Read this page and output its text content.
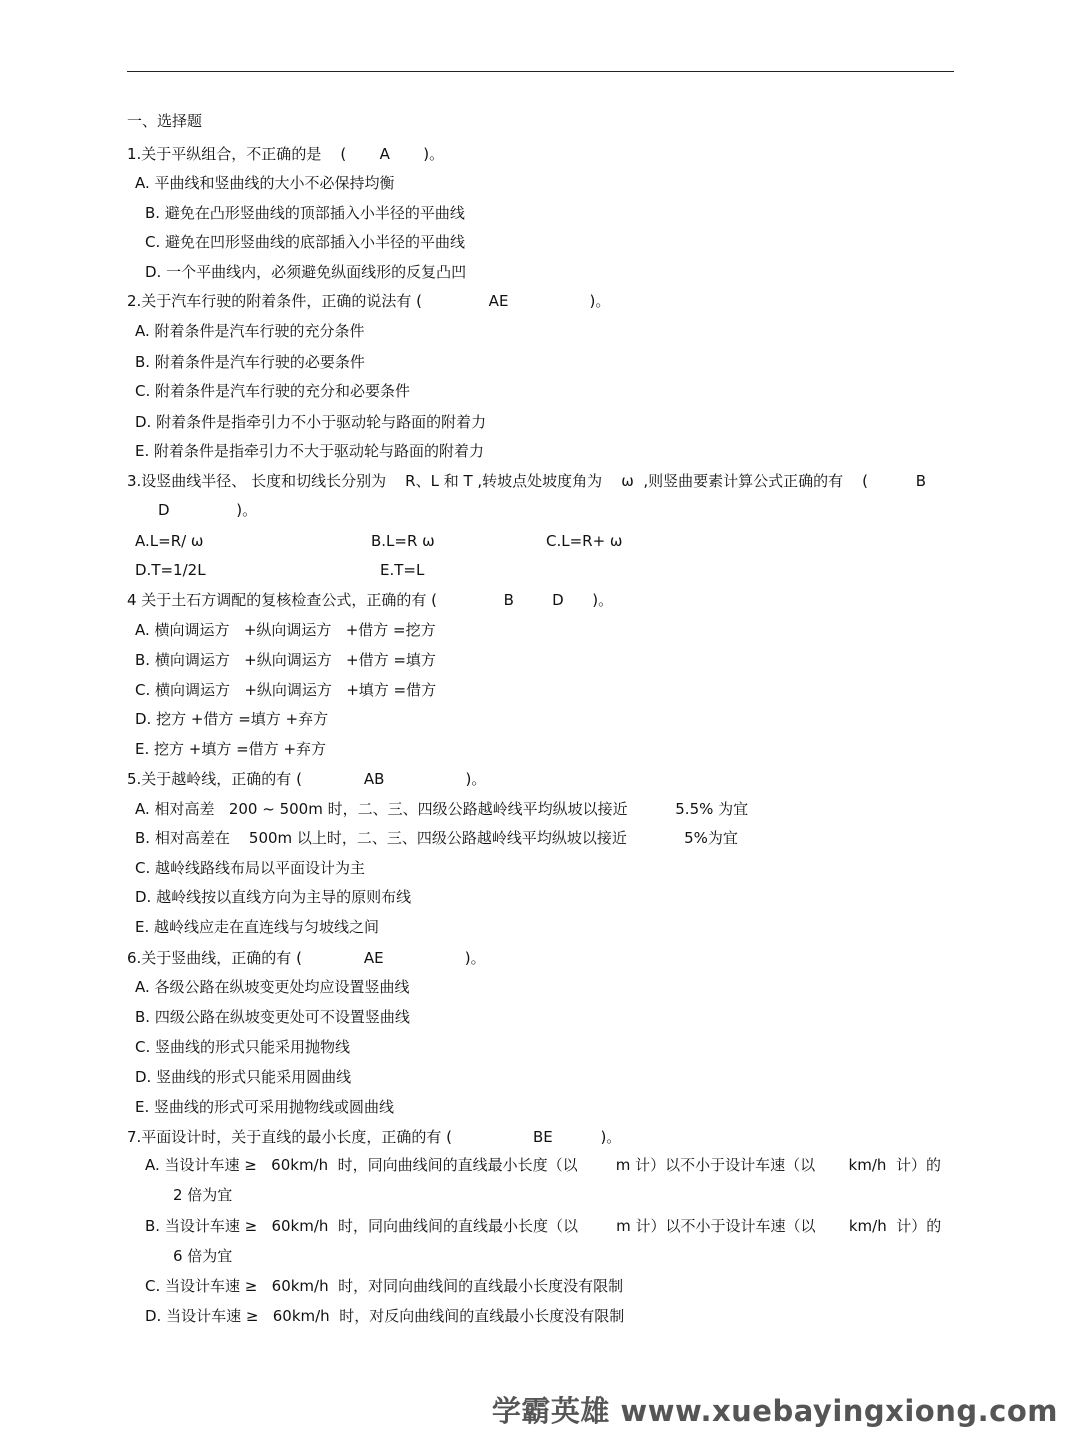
一、选择题
1.关于平纵组合，不正确的是    (       A       )。
A. 平曲线和竖曲线的大小不必保持均衡
B. 避免在凸形竖曲线的顶部插入小半径的平曲线
C. 避免在凹形竖曲线的底部插入小半径的平曲线
D. 一个平曲线内，必须避免纵面线形的反复凸凹
2.关于汽车行驶的附着条件，正确的说法有 (              AE                 )。
A. 附着条件是汽车行驶的充分条件
B. 附着条件是汽车行驶的必要条件
C. 附着条件是汽车行驶的充分和必要条件
D. 附着条件是指牵引力不小于驱动轮与路面的附着力
E. 附着条件是指牵引力不大于驱动轮与路面的附着力
3.设竖曲线半径、 长度和切线长分别为    R、L 和 T ,转坡点处坡度角为    ω  ,则竖曲要素计算公式正确的有    (          B
D              )。
A.L=R/ ω	B.L=R ω	C.L=R+ ω
D.T=1/2L	E.T=L
4 关于土石方调配的复核检查公式，正确的有 (              B        D      )。
A. 横向调运方   +纵向调运方   +借方 =挖方
B. 横向调运方   +纵向调运方   +借方 =填方
C. 横向调运方   +纵向调运方   +填方 =借方
D. 挖方 +借方 =填方 +弃方
E. 挖方 +填方 =借方 +弃方
5.关于越岭线，正确的有 (             AB                 )。
A. 相对高差   200 ~ 500m 时，二、三、四级公路越岭线平均纵坡以接近          5.5% 为宜
B. 相对高差在    500m 以上时，二、三、四级公路越岭线平均纵坡以接近            5%为宜
C. 越岭线路线布局以平面设计为主
D. 越岭线按以直线方向为主导的原则布线
E. 越岭线应走在直连线与匀坡线之间
6.关于竖曲线，正确的有 (             AE                 )。
A. 各级公路在纵坡变更处均应设置竖曲线
B. 四级公路在纵坡变更处可不设置竖曲线
C. 竖曲线的形式只能采用抛物线
D. 竖曲线的形式只能采用圆曲线
E. 竖曲线的形式可采用抛物线或圆曲线
7.平面设计时，关于直线的最小长度，正确的有 (                 BE          )。
A. 当设计车速 ≥   60km/h  时，同向曲线间的直线最小长度（以        m 计）以不小于设计车速（以       km/h  计）的
2 倍为宜
B. 当设计车速 ≥   60km/h  时，同向曲线间的直线最小长度（以        m 计）以不小于设计车速（以       km/h  计）的
6 倍为宜
C. 当设计车速 ≥   60km/h  时，对同向曲线间的直线最小长度没有限制
D. 当设计车速 ≥   60km/h  时，对反向曲线间的直线最小长度没有限制
学霸英雄 www.xuebayingxiong.com
